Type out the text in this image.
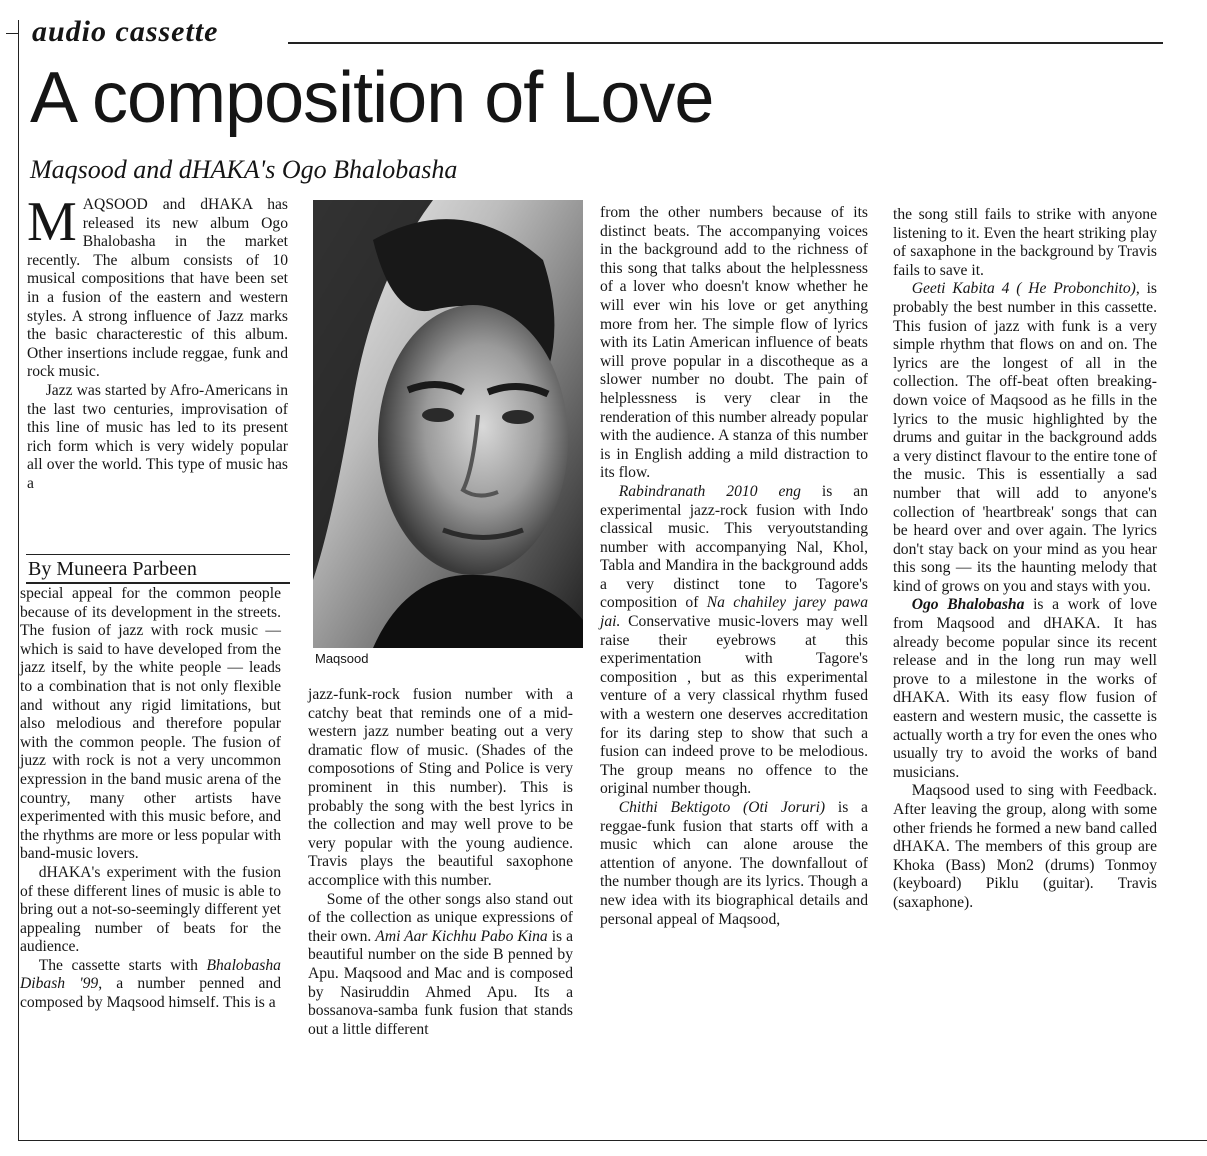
audio cassette
A composition of Love
Maqsood and dHAKA's Ogo Bhalobasha

MAQSOOD and dHAKA has released its new album Ogo Bhalobasha in the market recently. The album consists of 10 musical compositions that have been set in a fusion of the eastern and western styles. A strong influence of Jazz marks the basic characterestic of this album. Other insertions include reggae, funk and rock music.

Jazz was started by Afro-Americans in the last two centuries, improvisation of this line of music has led to its present rich form which is very widely popular all over the world. This type of music has a

By Muneera Parbeen

special appeal for the common people because of its development in the streets. The fusion of jazz with rock music — which is said to have developed from the jazz itself, by the white people — leads to a combination that is not only flexible and without any rigid limitations, but also melodious and therefore popular with the common people. The fusion of juzz with rock is not a very uncommon expression in the band music arena of the country, many other artists have experimented with this music before, and the rhythms are more or less popular with band-music lovers.

dHAKA's experiment with the fusion of these different lines of music is able to bring out a not-so-seemingly different yet appealing number of beats for the audience.

The cassette starts with Bhalobasha Dibash '99, a number penned and composed by Maqsood himself. This is a

Maqsood

jazz-funk-rock fusion number with a catchy beat that reminds one of a mid-western jazz number beating out a very dramatic flow of music. (Shades of the composotions of Sting and Police is very prominent in this number). This is probably the song with the best lyrics in the collection and may well prove to be very popular with the young audience. Travis plays the beautiful saxophone accomplice with this number.

Some of the other songs also stand out of the collection as unique expressions of their own. Ami Aar Kichhu Pabo Kina is a beautiful number on the side B penned by Apu. Maqsood and Mac and is composed by Nasiruddin Ahmed Apu. Its a bossanova-samba funk fusion that stands out a little different

from the other numbers because of its distinct beats. The accompanying voices in the background add to the richness of this song that talks about the helplessness of a lover who doesn't know whether he will ever win his love or get anything more from her. The simple flow of lyrics with its Latin American influence of beats will prove popular in a discotheque as a slower number no doubt. The pain of helplessness is very clear in the renderation of this number already popular with the audience. A stanza of this number is in English adding a mild distraction to its flow.

Rabindranath 2010 eng is an experimental jazz-rock fusion with Indo classical music. This veryoutstanding number with accompanying Nal, Khol, Tabla and Mandira in the background adds a very distinct tone to Tagore's composition of Na chahiley jarey pawa jai. Conservative music-lovers may well raise their eyebrows at this experimentation with Tagore's composition , but as this experimental venture of a very classical rhythm fused with a western one deserves accreditation for its daring step to show that such a fusion can indeed prove to be melodious. The group means no offence to the original number though.

Chithi Bektigoto (Oti Joruri) is a reggae-funk fusion that starts off with a music which can alone arouse the attention of anyone. The downfallout of the number though are its lyrics. Though a new idea with its biographical details and personal appeal of Maqsood,

the song still fails to strike with anyone listening to it. Even the heart striking play of saxaphone in the background by Travis fails to save it.

Geeti Kabita 4 ( He Probonchito), is probably the best number in this cassette. This fusion of jazz with funk is a very simple rhythm that flows on and on. The lyrics are the longest of all in the collection. The off-beat often breaking-down voice of Maqsood as he fills in the lyrics to the music highlighted by the drums and guitar in the background adds a very distinct flavour to the entire tone of the music. This is essentially a sad number that will add to anyone's collection of 'heartbreak' songs that can be heard over and over again. The lyrics don't stay back on your mind as you hear this song — its the haunting melody that kind of grows on you and stays with you.

Ogo Bhalobasha is a work of love from Maqsood and dHAKA. It has already become popular since its recent release and in the long run may well prove to a milestone in the works of dHAKA. With its easy flow fusion of eastern and western music, the cassette is actually worth a try for even the ones who usually try to avoid the works of band musicians.

Maqsood used to sing with Feedback. After leaving the group, along with some other friends he formed a new band called dHAKA. The members of this group are Khoka (Bass) Mon2 (drums) Tonmoy (keyboard) Piklu (guitar). Travis (saxaphone).
